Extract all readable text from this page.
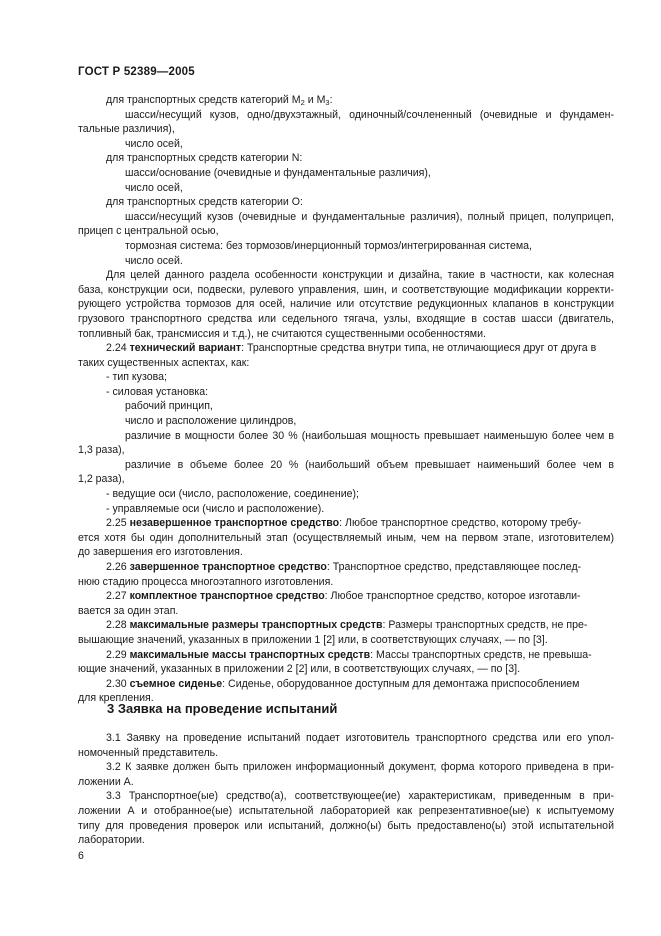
ГОСТ Р 52389—2005
для транспортных средств категорий $M_2$ и $M_3$:
шасси/несущий кузов, одно/двухэтажный, одиночный/сочлененный (очевидные и фундамен-
тальные различия),
число осей,
для транспортных средств категории N:
шасси/основание (очевидные и фундаментальные различия),
число осей,
для транспортных средств категории O:
шасси/несущий кузов (очевидные и фундаментальные различия), полный прицеп, полуприцеп,
прицеп с центральной осью,
тормозная система: без тормозов/инерционный тормоз/интегрированная система,
число осей.
Для целей данного раздела особенности конструкции и дизайна, такие в частности, как колесная
база, конструкции оси, подвески, рулевого управления, шин, и соответствующие модификации корректи-
рующего устройства тормозов для осей, наличие или отсутствие редукционных клапанов в конструкции
грузового транспортного средства или седельного тягача, узлы, входящие в состав шасси (двигатель,
топливный бак, трансмиссия и т.д.), не считаются существенными особенностями.
2.24 технический вариант: Транспортные средства внутри типа, не отличающиеся друг от друга в
таких существенных аспектах, как:
- тип кузова;
- силовая установка:
рабочий принцип,
число и расположение цилиндров,
различие в мощности более 30 % (наибольшая мощность превышает наименьшую более чем в
1,3 раза),
различие в объеме более 20 % (наибольший объем превышает наименьший более чем в
1,2 раза),
- ведущие оси (число, расположение, соединение);
- управляемые оси (число и расположение).
2.25 незавершенное транспортное средство: Любое транспортное средство, которому требу-
ется хотя бы один дополнительный этап (осуществляемый иным, чем на первом этапе, изготовителем)
до завершения его изготовления.
2.26 завершенное транспортное средство: Транспортное средство, представляющее послед-
нюю стадию процесса многоэтапного изготовления.
2.27 комплектное транспортное средство: Любое транспортное средство, которое изготавли-
вается за один этап.
2.28 максимальные размеры транспортных средств: Размеры транспортных средств, не пре-
вышающие значений, указанных в приложении 1 [2] или, в соответствующих случаях, — по [3].
2.29 максимальные массы транспортных средств: Массы транспортных средств, не превыша-
ющие значений, указанных в приложении 2 [2] или, в соответствующих случаях, — по [3].
2.30 съемное сиденье: Сиденье, оборудованное доступным для демонтажа приспособлением
для крепления.
3 Заявка на проведение испытаний
3.1 Заявку на проведение испытаний подает изготовитель транспортного средства или его упол-
номоченный представитель.
3.2 К заявке должен быть приложен информационный документ, форма которого приведена в при-
ложении А.
3.3 Транспортное(ые) средство(а), соответствующее(ие) характеристикам, приведенным в при-
ложении А и отобранное(ые) испытательной лабораторией как репрезентативное(ые) к испытуемому
типу для проведения проверок или испытаний, должно(ы) быть предоставлено(ы) этой испытательной
лаборатории.
6
